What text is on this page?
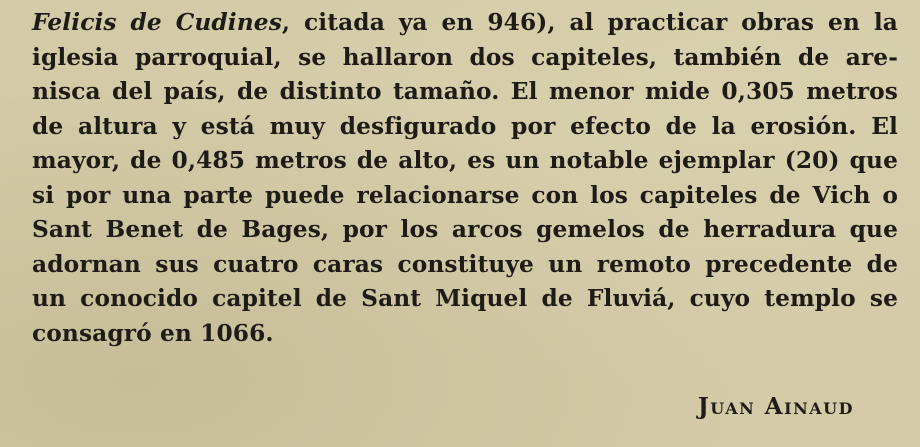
Felicis de Cudines, citada ya en 946), al practicar obras en la
iglesia parroquial, se hallaron dos capiteles, también de are-
nisca del país, de distinto tamaño. El menor mide 0,305 metros
de altura y está muy desfigurado por efecto de la erosión. El
mayor, de 0,485 metros de alto, es un notable ejemplar (20) que
si por una parte puede relacionarse con los capiteles de Vich o
Sant Benet de Bages, por los arcos gemelos de herradura que
adornan sus cuatro caras constituye un remoto precedente de
un conocido capitel de Sant Miquel de Fluviá, cuyo templo se
consagró en 1066.
Juan Ainaud
